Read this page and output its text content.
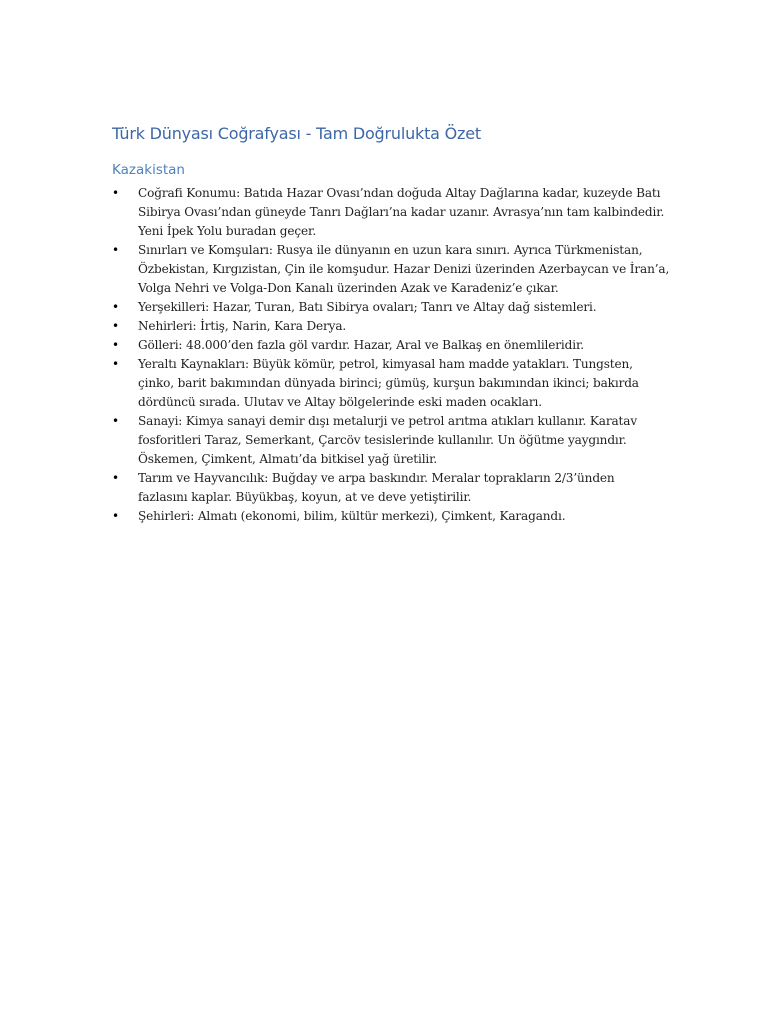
Türk Dünyası Coğrafyası - Tam Doğrulukta Özet
Kazakistan
• Coğrafi Konumu: Batıda Hazar Ovası’ndan doğuda Altay Dağlarına kadar, kuzeyde Batı
Sibirya Ovası’ndan güneyde Tanrı Dağları’na kadar uzanır. Avrasya’nın tam kalbindedir.
Yeni İpek Yolu buradan geçer.
• Sınırları ve Komşuları: Rusya ile dünyanın en uzun kara sınırı. Ayrıca Türkmenistan,
Özbekistan, Kırgızistan, Çin ile komşudur. Hazar Denizi üzerinden Azerbaycan ve İran’a,
Volga Nehri ve Volga-Don Kanalı üzerinden Azak ve Karadeniz’e çıkar.
• Yerşekilleri: Hazar, Turan, Batı Sibirya ovaları; Tanrı ve Altay dağ sistemleri.
• Nehirleri: İrtiş, Narin, Kara Derya.
• Gölleri: 48.000’den fazla göl vardır. Hazar, Aral ve Balkaş en önemlileridir.
• Yeraltı Kaynakları: Büyük kömür, petrol, kimyasal ham madde yatakları. Tungsten,
çinko, barit bakımından dünyada birinci; gümüş, kurşun bakımından ikinci; bakırda
dördüncü sırada. Ulutav ve Altay bölgelerinde eski maden ocakları.
• Sanayi: Kimya sanayi demir dışı metalurji ve petrol arıtma atıkları kullanır. Karatav
fosforitleri Taraz, Semerkant, Çarcöv tesislerinde kullanılır. Un öğütme yaygındır.
Öskemen, Çimkent, Almatı’da bitkisel yağ üretilir.
• Tarım ve Hayvancılık: Buğday ve arpa baskındır. Meralar toprakların 2/3’ünden
fazlasını kaplar. Büyükbaş, koyun, at ve deve yetiştirilir.
• Şehirleri: Almatı (ekonomi, bilim, kültür merkezi), Çimkent, Karagandı.
